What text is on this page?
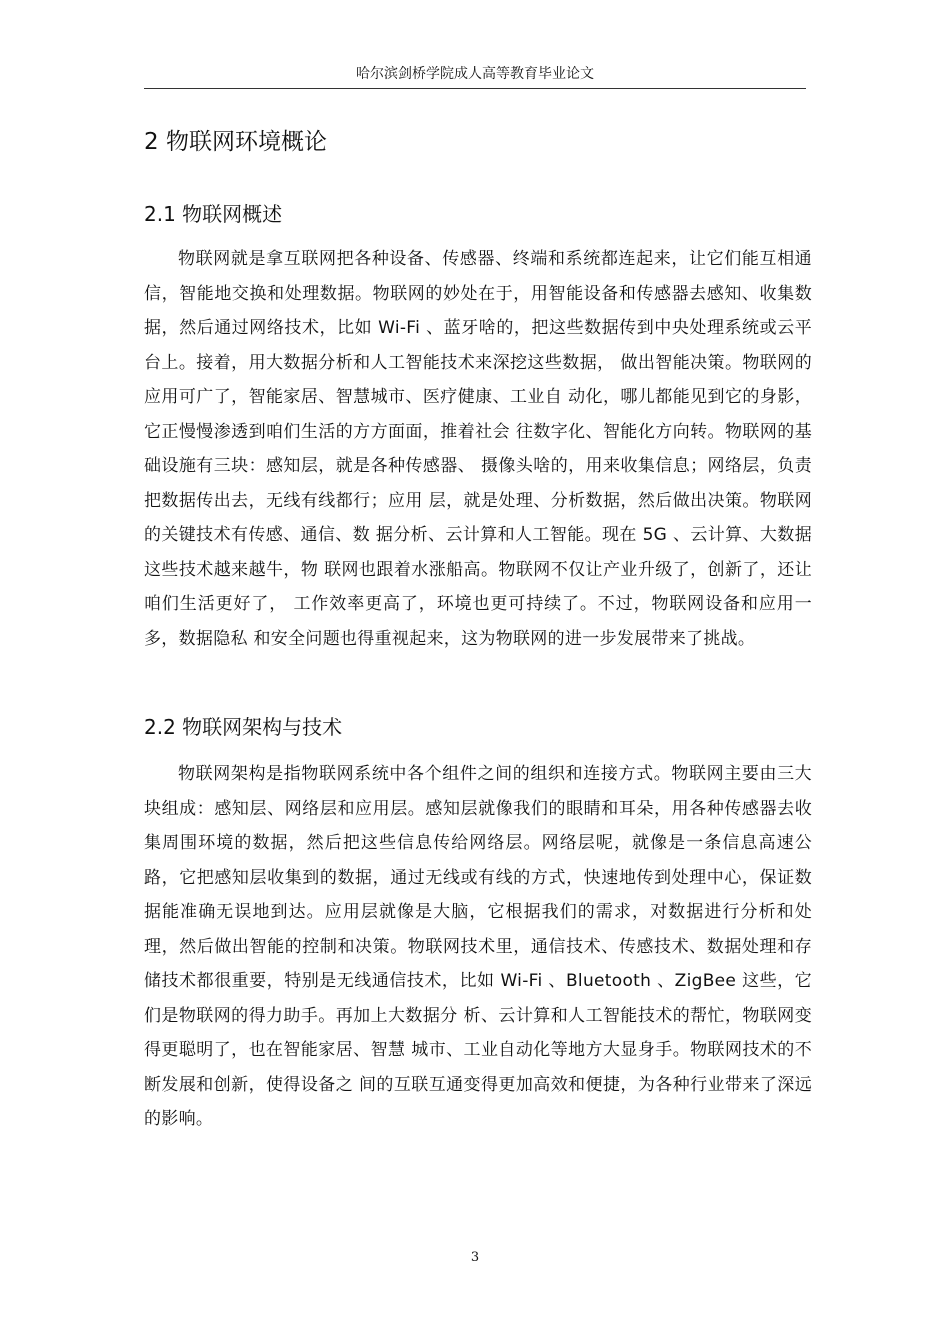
哈尔滨剑桥学院成人高等教育毕业论文
2 物联网环境概论
2.1 物联网概述

物联网就是拿互联网把各种设备、传感器、终端和系统都连起来，让它们能互相通信，智能地交换和处理数据。物联网的妙处在于，用智能设备和传感器去感知、收集数据，然后通过网络技术，比如 Wi-Fi 、蓝牙啥的，把这些数据传到中央处理系统或云平台上。接着，用大数据分析和人工智能技术来深挖这些数据， 做出智能决策。物联网的应用可广了，智能家居、智慧城市、医疗健康、工业自 动化，哪儿都能见到它的身影，它正慢慢渗透到咱们生活的方方面面，推着社会 往数字化、智能化方向转。物联网的基础设施有三块：感知层，就是各种传感器、 摄像头啥的，用来收集信息；网络层，负责把数据传出去，无线有线都行；应用 层，就是处理、分析数据，然后做出决策。物联网的关键技术有传感、通信、数 据分析、云计算和人工智能。现在 5G 、云计算、大数据这些技术越来越牛，物 联网也跟着水涨船高。物联网不仅让产业升级了，创新了，还让咱们生活更好了， 工作效率更高了，环境也更可持续了。不过，物联网设备和应用一多，数据隐私 和安全问题也得重视起来，这为物联网的进一步发展带来了挑战。

2.2 物联网架构与技术

物联网架构是指物联网系统中各个组件之间的组织和连接方式。物联网主要由三大块组成：感知层、网络层和应用层。感知层就像我们的眼睛和耳朵，用各种传感器去收集周围环境的数据，然后把这些信息传给网络层。网络层呢，就像是一条信息高速公路，它把感知层收集到的数据，通过无线或有线的方式，快速地传到处理中心，保证数据能准确无误地到达。应用层就像是大脑，它根据我们的需求，对数据进行分析和处理，然后做出智能的控制和决策。物联网技术里，通信技术、传感技术、数据处理和存储技术都很重要，特别是无线通信技术，比如 Wi-Fi 、Bluetooth 、ZigBee 这些，它们是物联网的得力助手。再加上大数据分 析、云计算和人工智能技术的帮忙，物联网变得更聪明了，也在智能家居、智慧 城市、工业自动化等地方大显身手。物联网技术的不断发展和创新，使得设备之 间的互联互通变得更加高效和便捷，为各种行业带来了深远的影响。

3
